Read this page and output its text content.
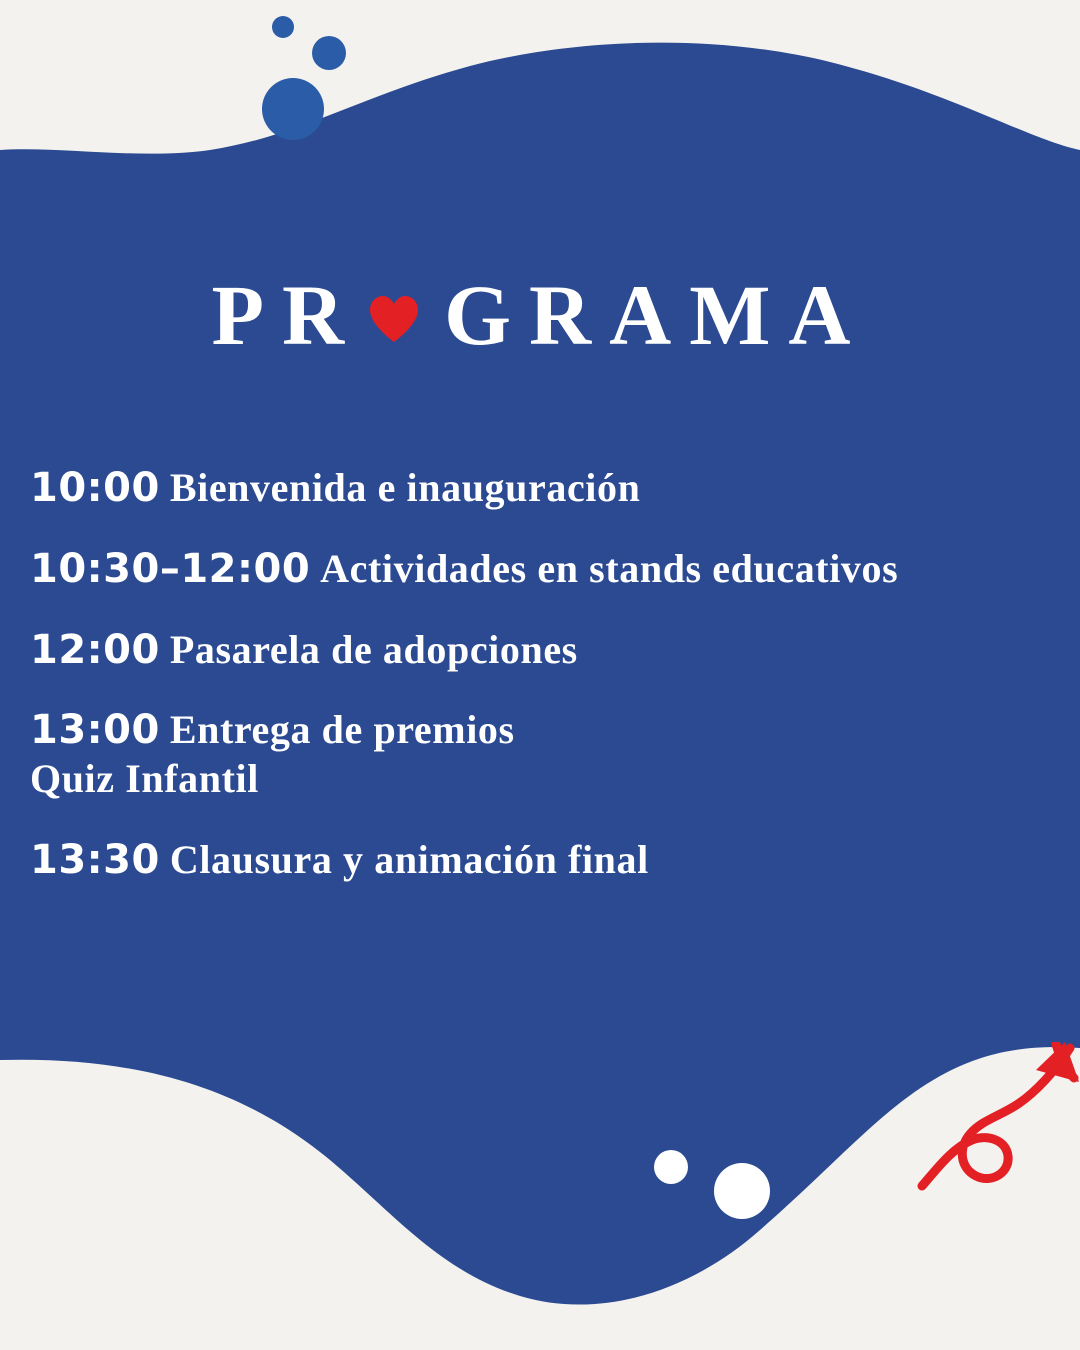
PR GRAMA
10:00 Bienvenida e inauguración
10:30–12:00 Actividades en stands educativos
12:00 Pasarela de adopciones
13:00 Entrega de premios
Quiz Infantil
13:30 Clausura y animación final
